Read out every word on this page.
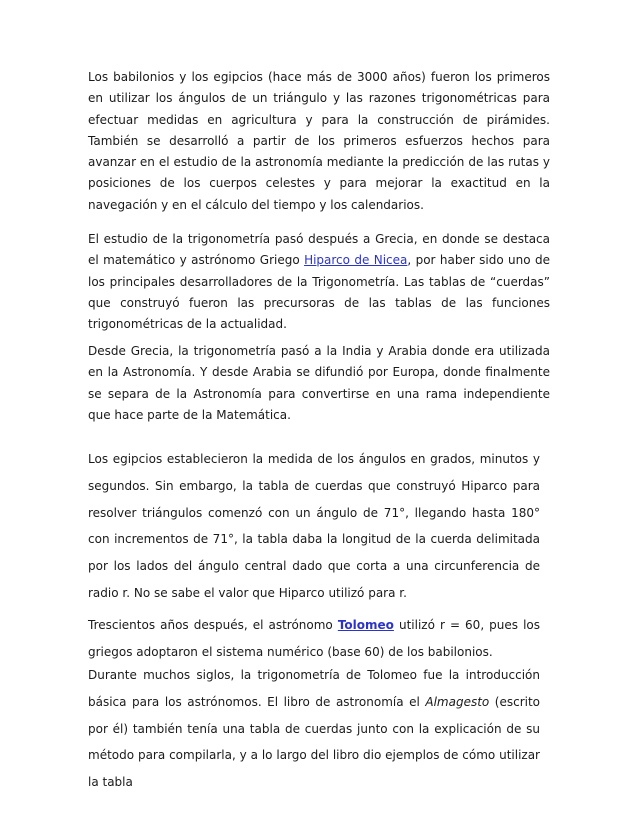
Los babilonios y los egipcios (hace más de 3000 años) fueron los primeros en utilizar los ángulos de un triángulo y las razones trigonométricas para efectuar medidas en agricultura y para la construcción de pirámides. También se desarrolló a partir de los primeros esfuerzos hechos para avanzar en el estudio de la astronomía mediante la predicción de las rutas y posiciones de los cuerpos celestes y para mejorar la exactitud en la navegación y en el cálculo del tiempo y los calendarios.

El estudio de la trigonometría pasó después a Grecia, en donde se destaca el matemático y astrónomo Griego Hiparco de Nicea, por haber sido uno de los principales desarrolladores de la Trigonometría. Las tablas de “cuerdas” que construyó fueron las precursoras de las tablas de las funciones trigonométricas de la actualidad.

Desde Grecia, la trigonometría pasó a la India y Arabia donde era utilizada en la Astronomía. Y desde Arabia se difundió por Europa, donde finalmente se separa de la Astronomía para convertirse en una rama independiente que hace parte de la Matemática.

Los egipcios establecieron la medida de los ángulos en grados, minutos y segundos. Sin embargo, la tabla de cuerdas que construyó Hiparco para resolver triángulos comenzó con un ángulo de 71°, llegando hasta 180° con incrementos de 71°, la tabla daba la longitud de la cuerda delimitada por los lados del ángulo central dado que corta a una circunferencia de radio r. No se sabe el valor que Hiparco utilizó para r.

Trescientos años después, el astrónomo Tolomeo utilizó r = 60, pues los griegos adoptaron el sistema numérico (base 60) de los babilonios.

Durante muchos siglos, la trigonometría de Tolomeo fue la introducción básica para los astrónomos. El libro de astronomía el Almagesto (escrito por él) también tenía una tabla de cuerdas junto con la explicación de su método para compilarla, y a lo largo del libro dio ejemplos de cómo utilizar la tabla
